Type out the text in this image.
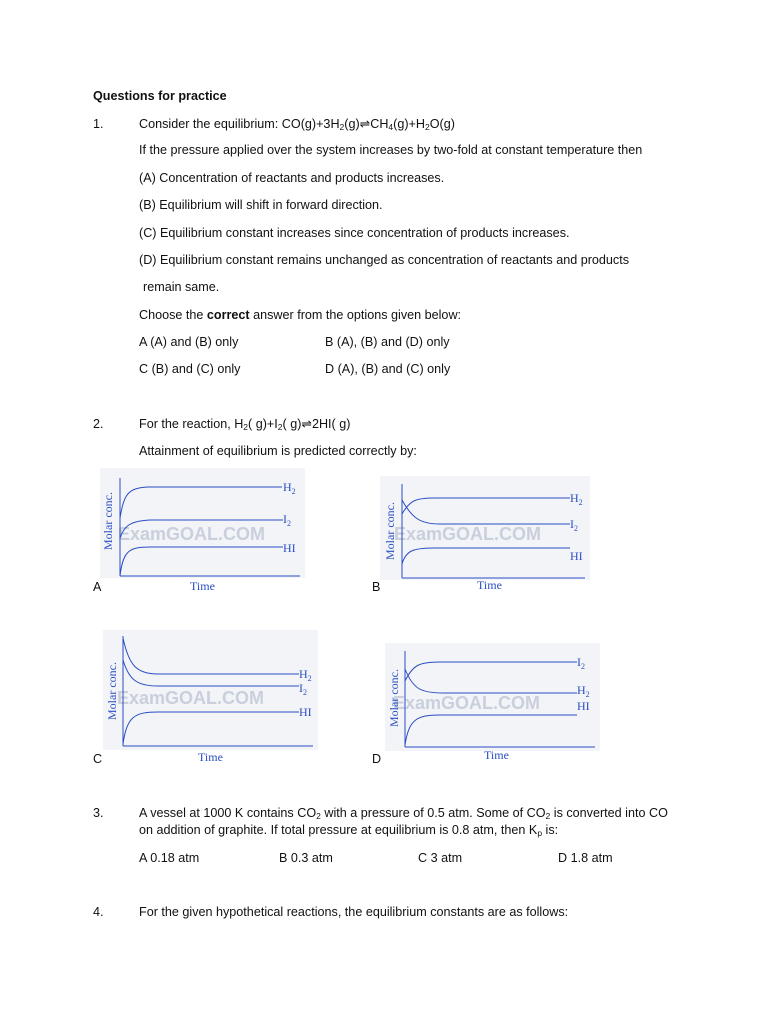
Questions for practice
1.	Consider the equilibrium: $CO(g)+3H_2(g)\rightleftharpoons CH_4(g)+H_2O(g)$
If the pressure applied over the system increases by two-fold at constant temperature then
(A) Concentration of reactants and products increases.
(B) Equilibrium will shift in forward direction.
(C) Equilibrium constant increases since concentration of products increases.
(D) Equilibrium constant remains unchanged as concentration of reactants and products
remain same.
Choose the correct answer from the options given below:
A (A) and (B) only	B (A), (B) and (D) only
C (B) and (C) only	D (A), (B) and (C) only
2.	For the reaction, $H_2$( $g)+I_2$( g)⇌2HI( g)
Attainment of equilibrium is predicted correctly by:
ExamGOAL.COM
$H_2$
$I_2$
HI
Molar conc.
Time
A
ExamGOAL.COM
$H_2$
$I_2$
HI
Molar conc.
Time
B
ExamGOAL.COM
$H_2$
$I_2$
HI
Molar conc.
Time
C
ExamGOAL.COM
$I_2$
$H_2$
HI
Molar conc.
Time
D
3.	A vessel at 1000 K contains $CO_2$ with a pressure of 0.5 atm. Some of $CO_2$ is converted into CO
on addition of graphite. If total pressure at equilibrium is 0.8 atm, then $K_p$ is:
A 0.18 atm	B 0.3 atm	C 3 atm	D 1.8 atm
4.	For the given hypothetical reactions, the equilibrium constants are as follows:
